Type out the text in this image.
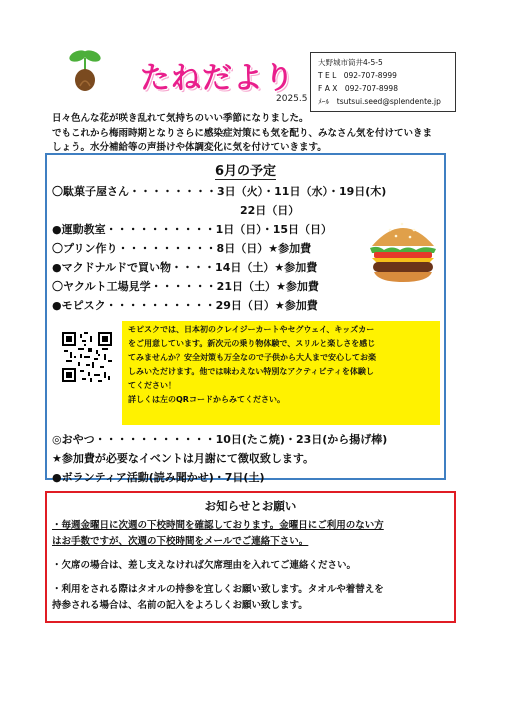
たねだより
2025.5
大野城市筒井4-5-5
T E L　092-707-8999
F A X　092-707-8998
ﾒｰﾙ　tsutsui.seed@splendente.jp
日々色んな花が咲き乱れて気持ちのいい季節になりました。
でもこれから梅雨時期となりさらに感染症対策にも気を配り、みなさん気を付けていきま
しょう。水分補給等の声掛けや体調変化に気を付けていきます。
6月の予定
〇駄菓子屋さん・・・・・・・・3日（火）・11日（水）・19日(木)
22日（日）
●運動教室・・・・・・・・・・1日（日）・15日（日）
〇プリン作り・・・・・・・・・8日（日）★参加費
●マクドナルドで買い物・・・・14日（土）★参加費
〇ヤクルト工場見学・・・・・・21日（土）★参加費
●モピスク・・・・・・・・・・29日（日）★参加費
モピスクでは、日本初のクレイジーカートやセグウェイ、キッズカー
をご用意しています。新次元の乗り物体験で、スリルと楽しさを感じ
てみませんか？安全対策も万全なので子供から大人まで安心してお楽
しみいただけます。他では味わえない特別なアクティビティを体験し
てください！
詳しくは左のQRコードからみてください。
◎おやつ・・・・・・・・・・・10日(たこ焼)・23日(から揚げ棒)
★参加費が必要なイベントは月謝にて徴収致します。
●ボランティア活動(読み聞かせ)・7日(土)
お知らせとお願い
・毎週金曜日に次週の下校時間を確認しております。金曜日にご利用のない方
はお手数ですが、次週の下校時間をメールでご連絡下さい。
・欠席の場合は、差し支えなければ欠席理由を入れてご連絡ください。
・利用をされる際はタオルの持参を宜しくお願い致します。タオルや着替えを
持参される場合は、名前の記入をよろしくお願い致します。
